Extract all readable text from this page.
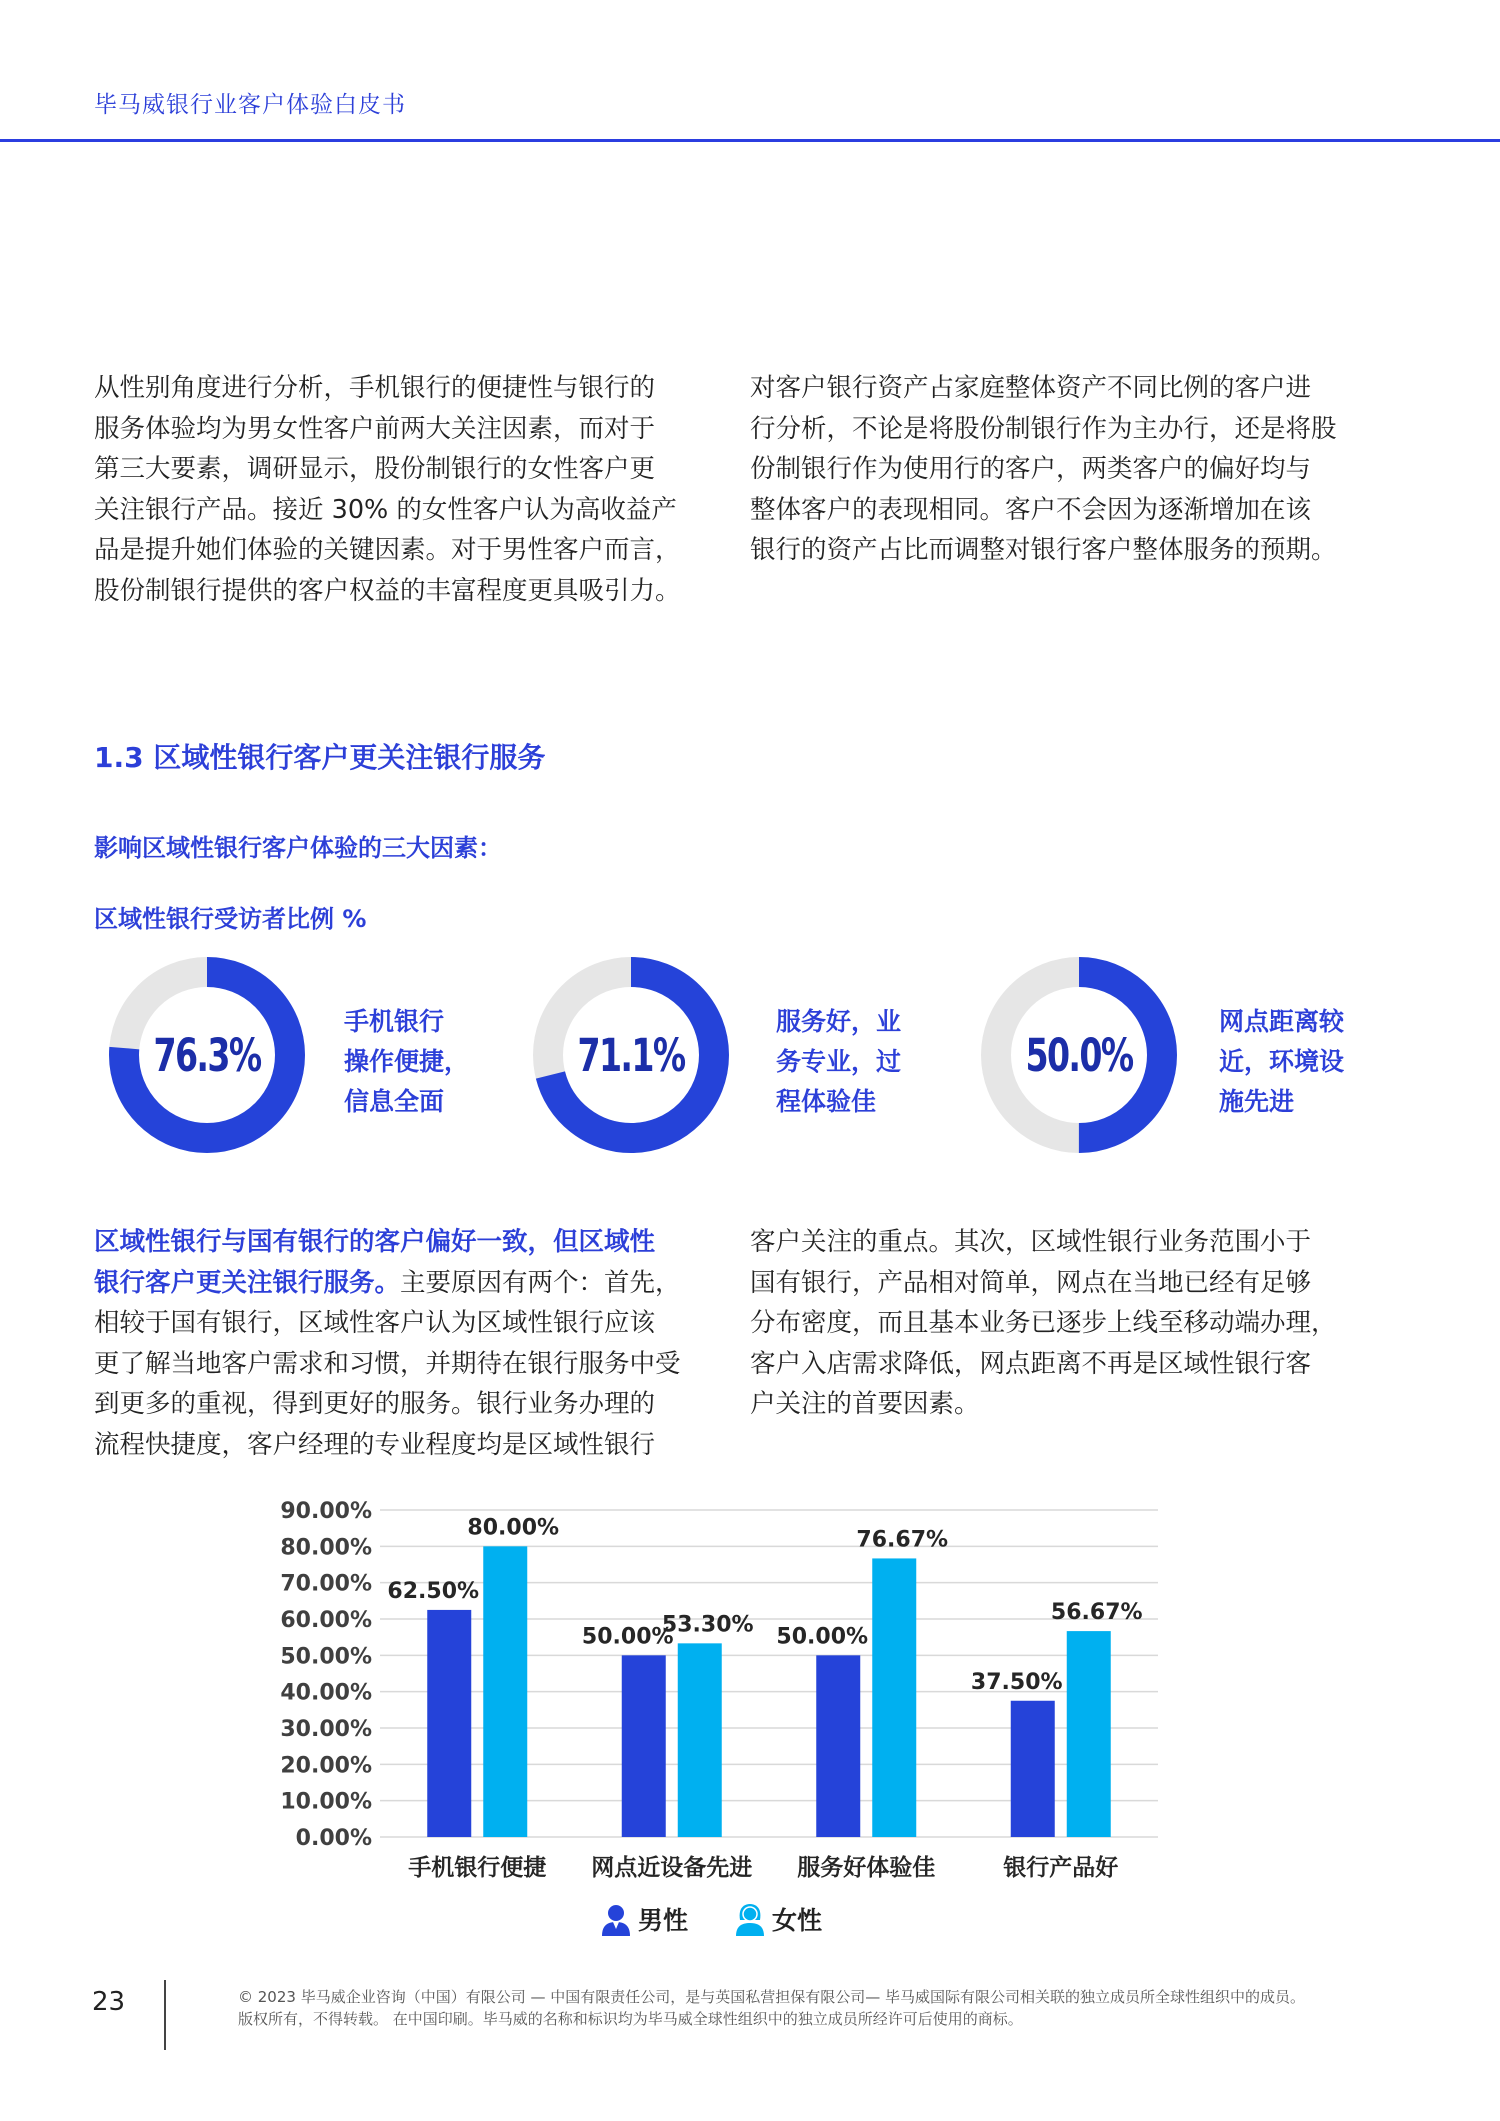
毕马威银行业客户体验白皮书
从性别角度进行分析，手机银行的便捷性与银行的
服务体验均为男女性客户前两大关注因素，而对于
第三大要素，调研显示，股份制银行的女性客户更
关注银行产品。接近 30% 的女性客户认为高收益产
品是提升她们体验的关键因素。对于男性客户而言，
股份制银行提供的客户权益的丰富程度更具吸引力。
对客户银行资产占家庭整体资产不同比例的客户进
行分析，不论是将股份制银行作为主办行，还是将股
份制银行作为使用行的客户，两类客户的偏好均与
整体客户的表现相同。客户不会因为逐渐增加在该
银行的资产占比而调整对银行客户整体服务的预期。
1.3 区域性银行客户更关注银行服务
影响区域性银行客户体验的三大因素：
区域性银行受访者比例 %
76.3%
手机银行
操作便捷，
信息全面
71.1%
服务好，业
务专业，过
程体验佳
50.0%
网点距离较
近，环境设
施先进
区域性银行与国有银行的客户偏好一致，但区域性
银行客户更关注银行服务。主要原因有两个：首先，
相较于国有银行，区域性客户认为区域性银行应该
更了解当地客户需求和习惯，并期待在银行服务中受
到更多的重视，得到更好的服务。银行业务办理的
流程快捷度，客户经理的专业程度均是区域性银行
客户关注的重点。其次，区域性银行业务范围小于
国有银行，产品相对简单，网点在当地已经有足够
分布密度，而且基本业务已逐步上线至移动端办理，
客户入店需求降低，网点距离不再是区域性银行客
户关注的首要因素。
0.00%
10.00%
20.00%
30.00%
40.00%
50.00%
60.00%
70.00%
80.00%
90.00%
62.50%
80.00%
手机银行便捷
50.00%
53.30%
网点近设备先进
50.00%
76.67%
服务好体验佳
37.50%
56.67%
银行产品好
男性	女性
23	© 2023 毕马威企业咨询（中国）有限公司 — 中国有限责任公司，是与英国私营担保有限公司— 毕马威国际有限公司相关联的独立成员所全球性组织中的成员。
版权所有，不得转载。 在中国印刷。毕马威的名称和标识均为毕马威全球性组织中的独立成员所经许可后使用的商标。
